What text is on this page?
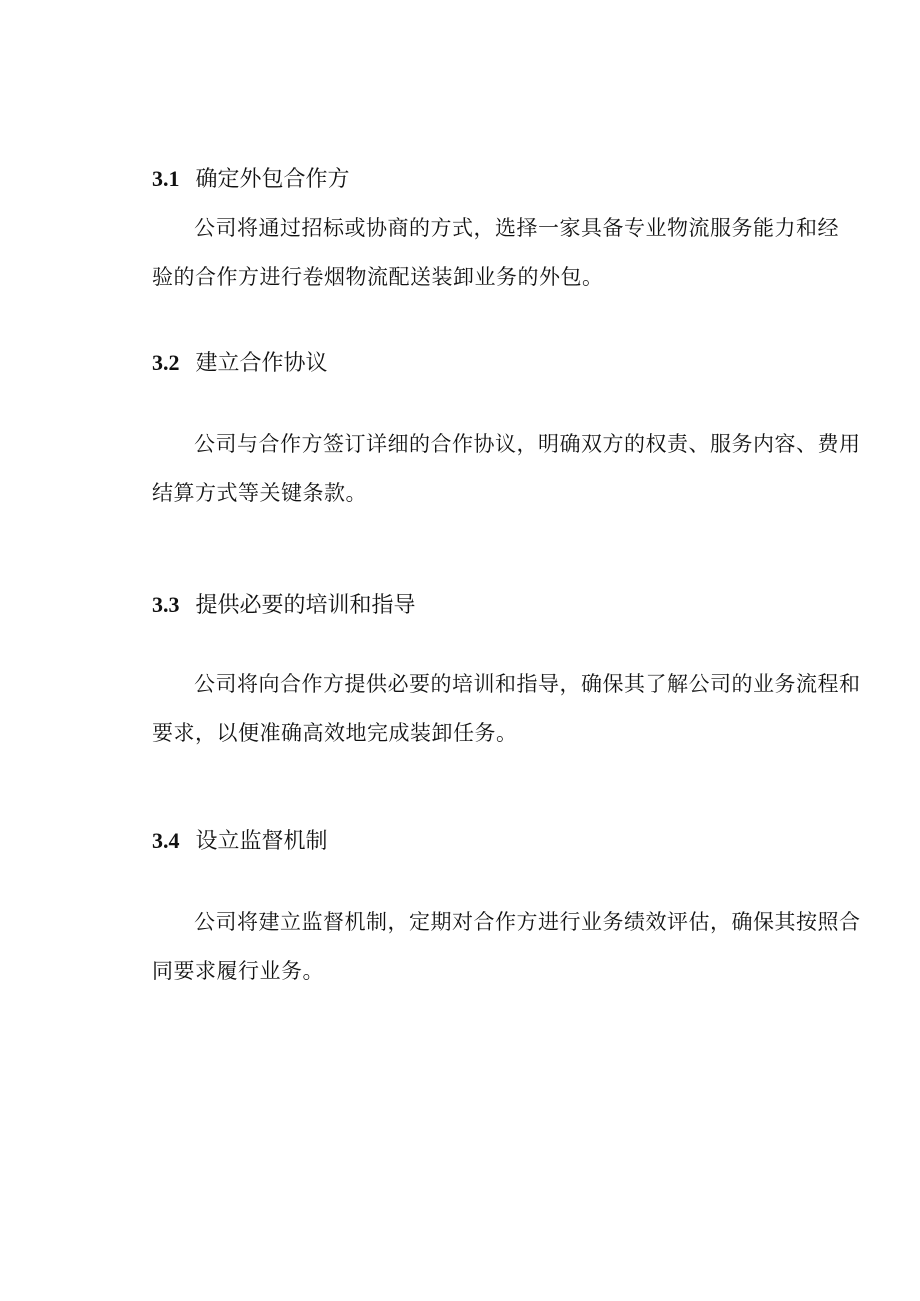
3.1 确定外包合作方

公司将通过招标或协商的方式，选择一家具备专业物流服务能力和经
验的合作方进行卷烟物流配送装卸业务的外包。

3.2 建立合作协议

公司与合作方签订详细的合作协议，明确双方的权责、服务内容、费用
结算方式等关键条款。

3.3 提供必要的培训和指导

公司将向合作方提供必要的培训和指导，确保其了解公司的业务流程和
要求，以便准确高效地完成装卸任务。

3.4 设立监督机制

公司将建立监督机制，定期对合作方进行业务绩效评估，确保其按照合
同要求履行业务。
